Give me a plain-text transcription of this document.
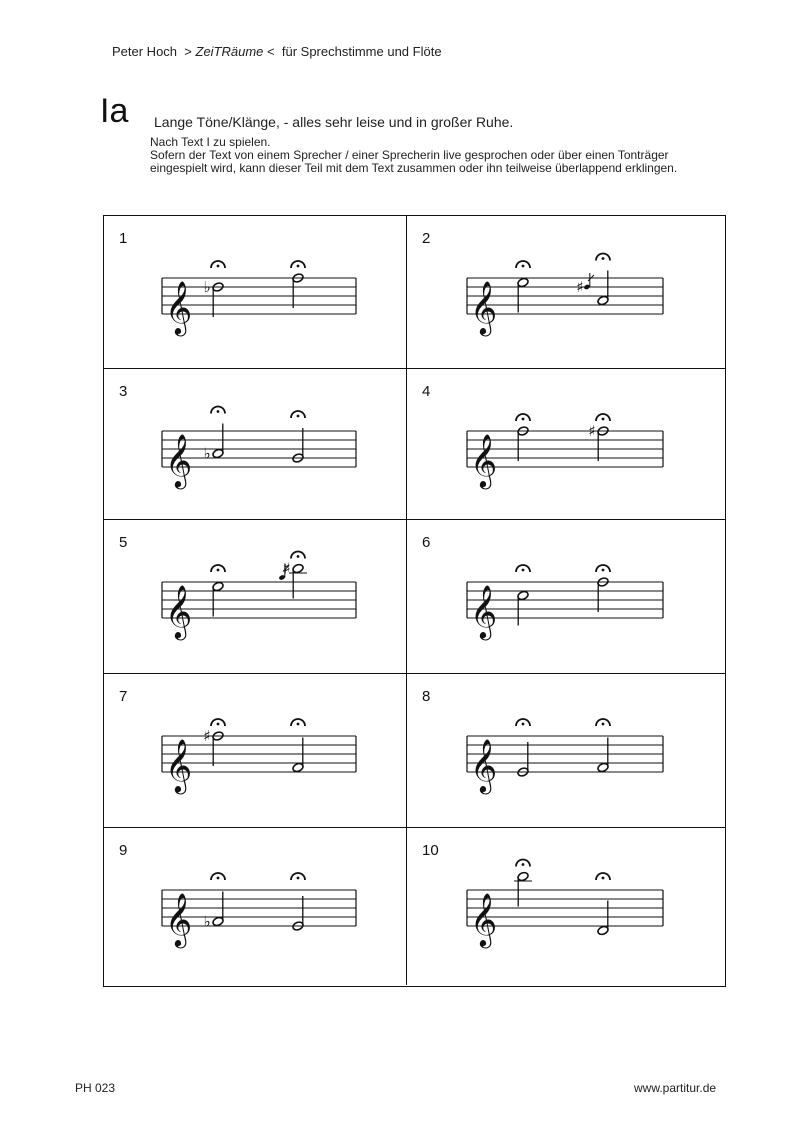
Peter Hoch > ZeiTRäume < für Sprechstimme und Flöte
Ia Lange Töne/Klänge, - alles sehr leise und in großer Ruhe.
Nach Text I zu spielen.
Sofern der Text von einem Sprecher / einer Sprecherin live gesprochen oder über einen Tonträger
eingespielt wird, kann dieser Teil mit dem Text zusammen oder ihn teilweise überlappend erklingen.
1
𝄞 ♭
2
𝄞	♯
3
𝄞 ♭
4
𝄞
♯
5
𝄞
♯
6
𝄞
7
𝄞
♯
8
𝄞
9
𝄞 ♭
10
𝄞
PH 023	www.partitur.de
